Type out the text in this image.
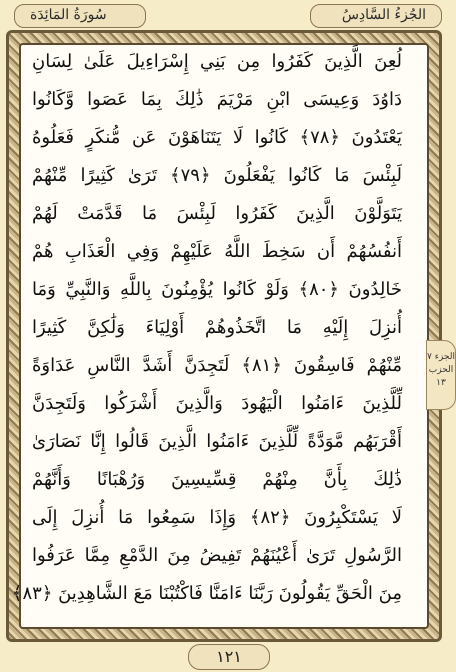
الجُزءُ السَّادِسُ
سُورَةُ المَائِدَة
لُعِنَ الَّذِينَ كَفَرُوا مِن بَنِي إِسْرَاءِيلَ عَلَىٰ لِسَانِ
دَاوُدَ وَعِيسَى ابْنِ مَرْيَمَ ذَٰلِكَ بِمَا عَصَوا وَّكَانُوا
يَعْتَدُونَ ﴿٧٨﴾ كَانُوا لَا يَتَنَاهَوْنَ عَن مُّنكَرٍ فَعَلُوهُ
لَبِئْسَ مَا كَانُوا يَفْعَلُونَ ﴿٧٩﴾ تَرَىٰ كَثِيرًا مِّنْهُمْ
يَتَوَلَّوْنَ الَّذِينَ كَفَرُوا لَبِئْسَ مَا قَدَّمَتْ لَهُمْ
أَنفُسُهُمْ أَن سَخِطَ اللَّهُ عَلَيْهِمْ وَفِي الْعَذَابِ هُمْ
خَالِدُونَ ﴿٨٠﴾ وَلَوْ كَانُوا يُؤْمِنُونَ بِاللَّهِ وَالنَّبِيِّ وَمَا
أُنزِلَ إِلَيْهِ مَا اتَّخَذُوهُمْ أَوْلِيَاءَ وَلَٰكِنَّ كَثِيرًا
مِّنْهُمْ فَاسِقُونَ ﴿٨١﴾ لَتَجِدَنَّ أَشَدَّ النَّاسِ عَدَاوَةً
لِّلَّذِينَ ءَامَنُوا الْيَهُودَ وَالَّذِينَ أَشْرَكُوا وَلَتَجِدَنَّ
أَقْرَبَهُم مَّوَدَّةً لِّلَّذِينَ ءَامَنُوا الَّذِينَ قَالُوا إِنَّا نَصَارَىٰ
ذَٰلِكَ بِأَنَّ مِنْهُمْ قِسِّيسِينَ وَرُهْبَانًا وَأَنَّهُمْ
لَا يَسْتَكْبِرُونَ ﴿٨٢﴾ وَإِذَا سَمِعُوا مَا أُنزِلَ إِلَى
الرَّسُولِ تَرَىٰ أَعْيُنَهُمْ تَفِيضُ مِنَ الدَّمْعِ مِمَّا عَرَفُوا
مِنَ الْحَقِّ يَقُولُونَ رَبَّنَا ءَامَنَّا فَاكْتُبْنَا مَعَ الشَّاهِدِينَ ﴿٨٣﴾
الجزء ٧
الحزب ١٣
١٢١
